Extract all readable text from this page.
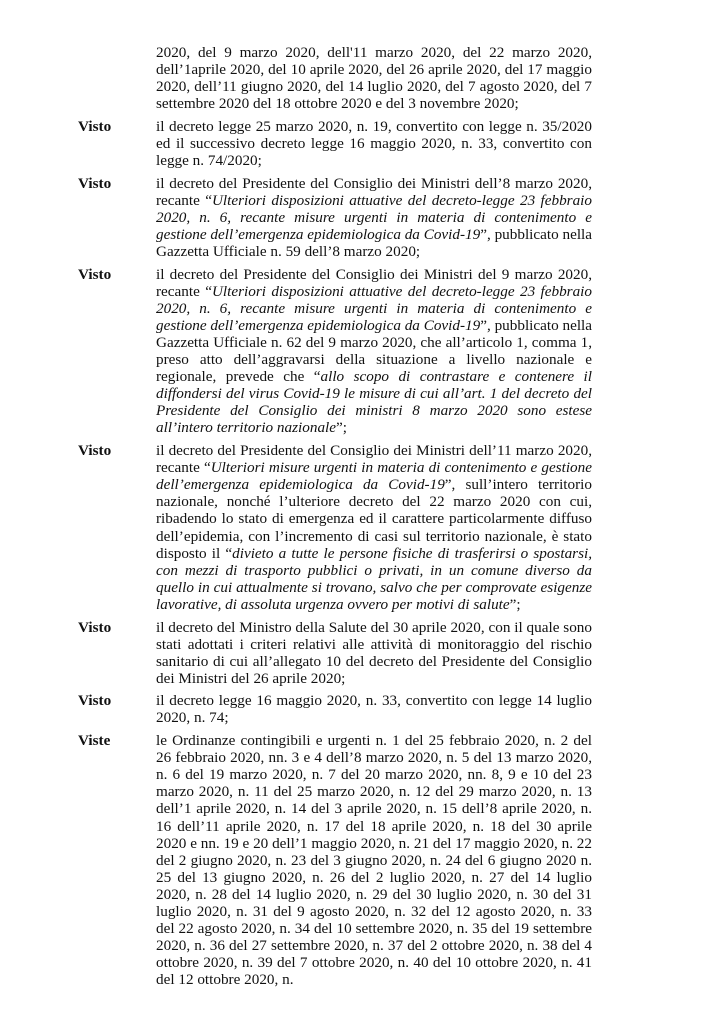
2020, del 9 marzo 2020, dell'11 marzo 2020, del 22 marzo 2020, dell’1aprile 2020, del 10 aprile 2020, del 26 aprile 2020, del 17 maggio 2020, dell’11 giugno 2020, del 14 luglio 2020, del 7 agosto 2020, del 7 settembre 2020 del 18 ottobre 2020 e del 3 novembre 2020;
Visto	il decreto legge 25 marzo 2020, n. 19, convertito con legge n. 35/2020 ed il successivo decreto legge 16 maggio 2020, n. 33, convertito con legge n. 74/2020;

Visto	il decreto del Presidente del Consiglio dei Ministri dell’8 marzo 2020, recante “Ulteriori disposizioni attuative del decreto-legge 23 febbraio 2020, n. 6, recante misure urgenti in materia di contenimento e gestione dell’emergenza epidemiologica da Covid-19”, pubblicato nella Gazzetta Ufficiale n. 59 dell’8 marzo 2020;

Visto	il decreto del Presidente del Consiglio dei Ministri del 9 marzo 2020, recante “Ulteriori disposizioni attuative del decreto-legge 23 febbraio 2020, n. 6, recante misure urgenti in materia di contenimento e gestione dell’emergenza epidemiologica da Covid-19”, pubblicato nella Gazzetta Ufficiale n. 62 del 9 marzo 2020, che all’articolo 1, comma 1, preso atto dell’aggravarsi della situazione a livello nazionale e regionale, prevede che “allo scopo di contrastare e contenere il diffondersi del virus Covid-19 le misure di cui all’art. 1 del decreto del Presidente del Consiglio dei ministri 8 marzo 2020 sono estese all’intero territorio nazionale”;

Visto	il decreto del Presidente del Consiglio dei Ministri dell’11 marzo 2020, recante “Ulteriori misure urgenti in materia di contenimento e gestione dell’emergenza epidemiologica da Covid-19”, sull’intero territorio nazionale, nonché l’ulteriore decreto del 22 marzo 2020 con cui, ribadendo lo stato di emergenza ed il carattere particolarmente diffuso dell’epidemia, con l’incremento di casi sul territorio nazionale, è stato disposto il “divieto a tutte le persone fisiche di trasferirsi o spostarsi, con mezzi di trasporto pubblici o privati, in un comune diverso da quello in cui attualmente si trovano, salvo che per comprovate esigenze lavorative, di assoluta urgenza ovvero per motivi di salute”;

Visto	il decreto del Ministro della Salute del 30 aprile 2020, con il quale sono stati adottati i criteri relativi alle attività di monitoraggio del rischio sanitario di cui all’allegato 10 del decreto del Presidente del Consiglio dei Ministri del 26 aprile 2020;

Visto	il decreto legge 16 maggio 2020, n. 33, convertito con legge 14 luglio 2020, n. 74;

Viste	le Ordinanze contingibili e urgenti n. 1 del 25 febbraio 2020, n. 2 del 26 febbraio 2020, nn. 3 e 4 dell’8 marzo 2020, n. 5 del 13 marzo 2020, n. 6 del 19 marzo 2020, n. 7 del 20 marzo 2020, nn. 8, 9 e 10 del 23 marzo 2020, n. 11 del 25 marzo 2020, n. 12 del 29 marzo 2020, n. 13 dell’1 aprile 2020, n. 14 del 3 aprile 2020, n. 15 dell’8 aprile 2020, n. 16 dell’11 aprile 2020, n. 17 del 18 aprile 2020, n. 18 del 30 aprile 2020 e nn. 19 e 20 dell’1 maggio 2020, n. 21 del 17 maggio 2020, n. 22 del 2 giugno 2020, n. 23 del 3 giugno 2020, n. 24 del 6 giugno 2020 n. 25 del 13 giugno 2020, n. 26 del 2 luglio 2020, n. 27 del 14 luglio 2020, n. 28 del 14 luglio 2020, n. 29 del 30 luglio 2020, n. 30 del 31 luglio 2020, n. 31 del 9 agosto 2020, n. 32 del 12 agosto 2020, n. 33 del 22 agosto 2020, n. 34 del 10 settembre 2020, n. 35 del 19 settembre 2020, n. 36 del 27 settembre 2020, n. 37 del 2 ottobre 2020, n. 38 del 4 ottobre 2020, n. 39 del 7 ottobre 2020, n. 40 del 10 ottobre 2020, n. 41 del 12 ottobre 2020, n.
